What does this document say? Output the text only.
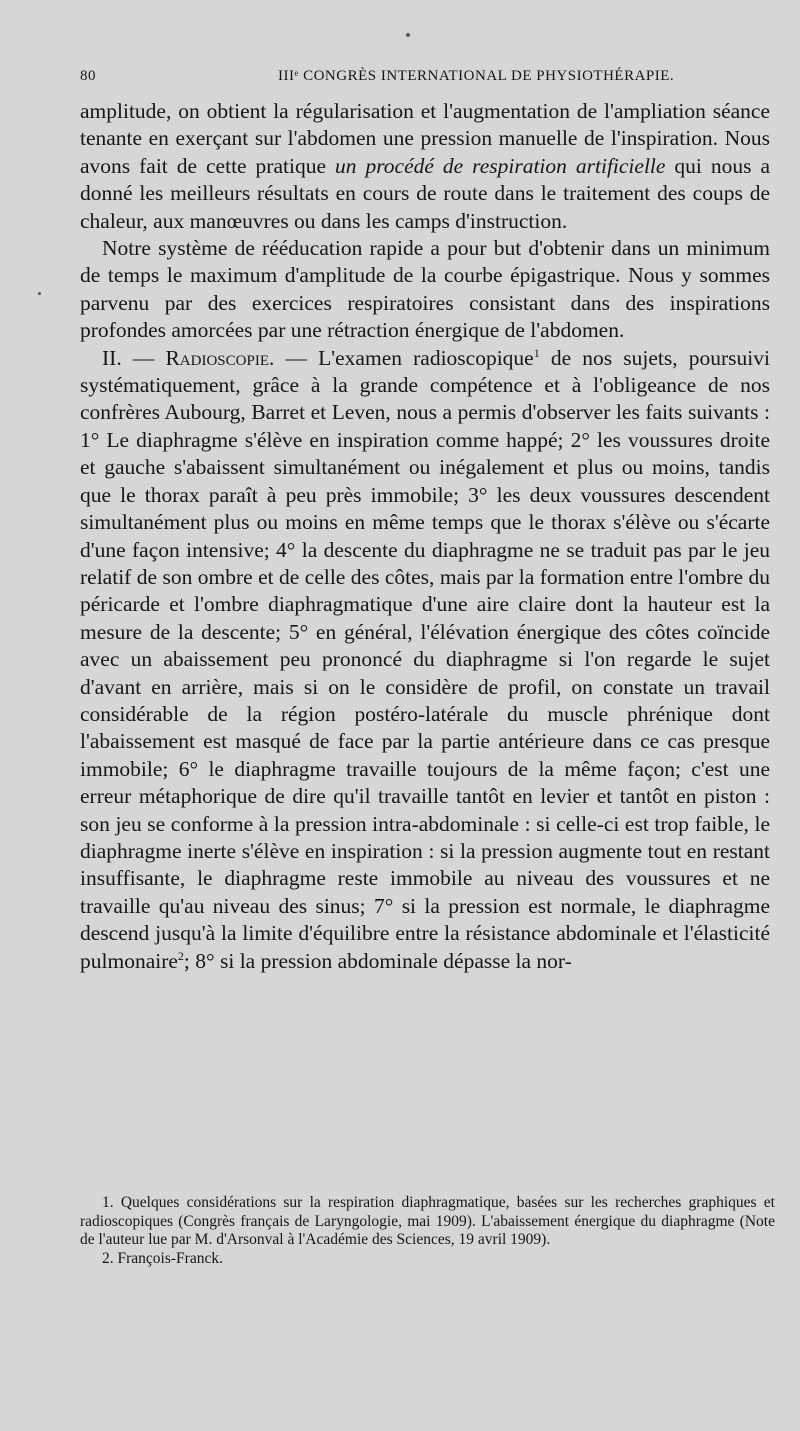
80	IIIᵉ CONGRÈS INTERNATIONAL DE PHYSIOTHÉRAPIE.

amplitude, on obtient la régularisation et l'augmentation de l'ampliation séance tenante en exerçant sur l'abdomen une pression manuelle de l'inspiration. Nous avons fait de cette pratique un procédé de respiration artificielle qui nous a donné les meilleurs résultats en cours de route dans le traitement des coups de chaleur, aux manœuvres ou dans les camps d'instruction.

Notre système de rééducation rapide a pour but d'obtenir dans un minimum de temps le maximum d'amplitude de la courbe épigastrique. Nous y sommes parvenu par des exercices respiratoires consistant dans des inspirations profondes amorcées par une rétraction énergique de l'abdomen.

II. — Radioscopie. — L'examen radioscopique$^1$ de nos sujets, poursuivi systématiquement, grâce à la grande compétence et à l'obligeance de nos confrères Aubourg, Barret et Leven, nous a permis d'observer les faits suivants : 1° Le diaphragme s'élève en inspiration comme happé; 2° les voussures droite et gauche s'abaissent simultanément ou inégalement et plus ou moins, tandis que le thorax paraît à peu près immobile; 3° les deux voussures descendent simultanément plus ou moins en même temps que le thorax s'élève ou s'écarte d'une façon intensive; 4° la descente du diaphragme ne se traduit pas par le jeu relatif de son ombre et de celle des côtes, mais par la formation entre l'ombre du péricarde et l'ombre diaphragmatique d'une aire claire dont la hauteur est la mesure de la descente; 5° en général, l'élévation énergique des côtes coïncide avec un abaissement peu prononcé du diaphragme si l'on regarde le sujet d'avant en arrière, mais si on le considère de profil, on constate un travail considérable de la région postéro-latérale du muscle phrénique dont l'abaissement est masqué de face par la partie antérieure dans ce cas presque immobile; 6° le diaphragme travaille toujours de la même façon; c'est une erreur métaphorique de dire qu'il travaille tantôt en levier et tantôt en piston : son jeu se conforme à la pression intra-abdominale : si celle-ci est trop faible, le diaphragme inerte s'élève en inspiration : si la pression augmente tout en restant insuffisante, le diaphragme reste immobile au niveau des voussures et ne travaille qu'au niveau des sinus; 7° si la pression est normale, le diaphragme descend jusqu'à la limite d'équilibre entre la résistance abdominale et l'élasticité pulmonaire$^2$; 8° si la pression abdominale dépasse la nor-

1. Quelques considérations sur la respiration diaphragmatique, basées sur les recherches graphiques et radioscopiques (Congrès français de Laryngologie, mai 1909). L'abaissement énergique du diaphragme (Note de l'auteur lue par M. d'Arsonval à l'Académie des Sciences, 19 avril 1909).

2. François-Franck.
